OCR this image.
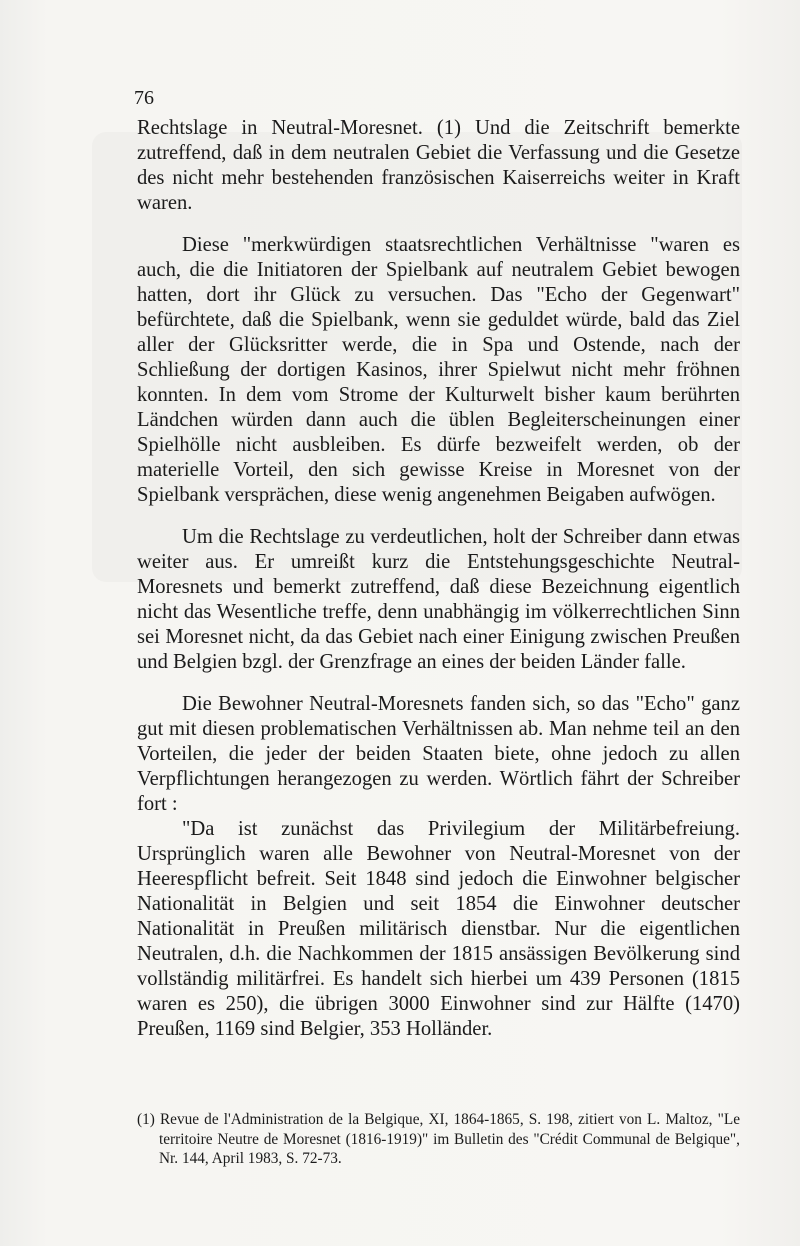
76

Rechtslage in Neutral-Moresnet. (1) Und die Zeitschrift bemerkte zutreffend, daß in dem neutralen Gebiet die Verfassung und die Gesetze des nicht mehr bestehenden französischen Kaiserreichs weiter in Kraft waren.

Diese "merkwürdigen staatsrechtlichen Verhältnisse "waren es auch, die die Initiatoren der Spielbank auf neutralem Gebiet bewogen hatten, dort ihr Glück zu versuchen. Das "Echo der Gegenwart" befürchtete, daß die Spielbank, wenn sie geduldet würde, bald das Ziel aller der Glücksritter werde, die in Spa und Ostende, nach der Schließung der dortigen Kasinos, ihrer Spielwut nicht mehr fröhnen konnten. In dem vom Strome der Kulturwelt bisher kaum berührten Ländchen würden dann auch die üblen Begleiterscheinungen einer Spielhölle nicht ausbleiben. Es dürfe bezweifelt werden, ob der materielle Vorteil, den sich gewisse Kreise in Moresnet von der Spielbank versprächen, diese wenig angenehmen Beigaben aufwögen.

Um die Rechtslage zu verdeutlichen, holt der Schreiber dann etwas weiter aus. Er umreißt kurz die Entstehungsgeschichte Neutral-Moresnets und bemerkt zutreffend, daß diese Bezeichnung eigentlich nicht das Wesentliche treffe, denn unabhängig im völkerrechtlichen Sinn sei Moresnet nicht, da das Gebiet nach einer Einigung zwischen Preußen und Belgien bzgl. der Grenzfrage an eines der beiden Länder falle.

Die Bewohner Neutral-Moresnets fanden sich, so das "Echo" ganz gut mit diesen problematischen Verhältnissen ab. Man nehme teil an den Vorteilen, die jeder der beiden Staaten biete, ohne jedoch zu allen Verpflichtungen herangezogen zu werden. Wörtlich fährt der Schreiber fort :

"Da ist zunächst das Privilegium der Militärbefreiung. Ursprünglich waren alle Bewohner von Neutral-Moresnet von der Heerespflicht befreit. Seit 1848 sind jedoch die Einwohner belgischer Nationalität in Belgien und seit 1854 die Einwohner deutscher Nationalität in Preußen militärisch dienstbar. Nur die eigentlichen Neutralen, d.h. die Nachkommen der 1815 ansässigen Bevölkerung sind vollständig militärfrei. Es handelt sich hierbei um 439 Personen (1815 waren es 250), die übrigen 3000 Einwohner sind zur Hälfte (1470) Preußen, 1169 sind Belgier, 353 Holländer.

(1) Revue de l'Administration de la Belgique, XI, 1864-1865, S. 198, zitiert von L. Maltoz, "Le territoire Neutre de Moresnet (1816-1919)" im Bulletin des "Crédit Communal de Belgique", Nr. 144, April 1983, S. 72-73.
